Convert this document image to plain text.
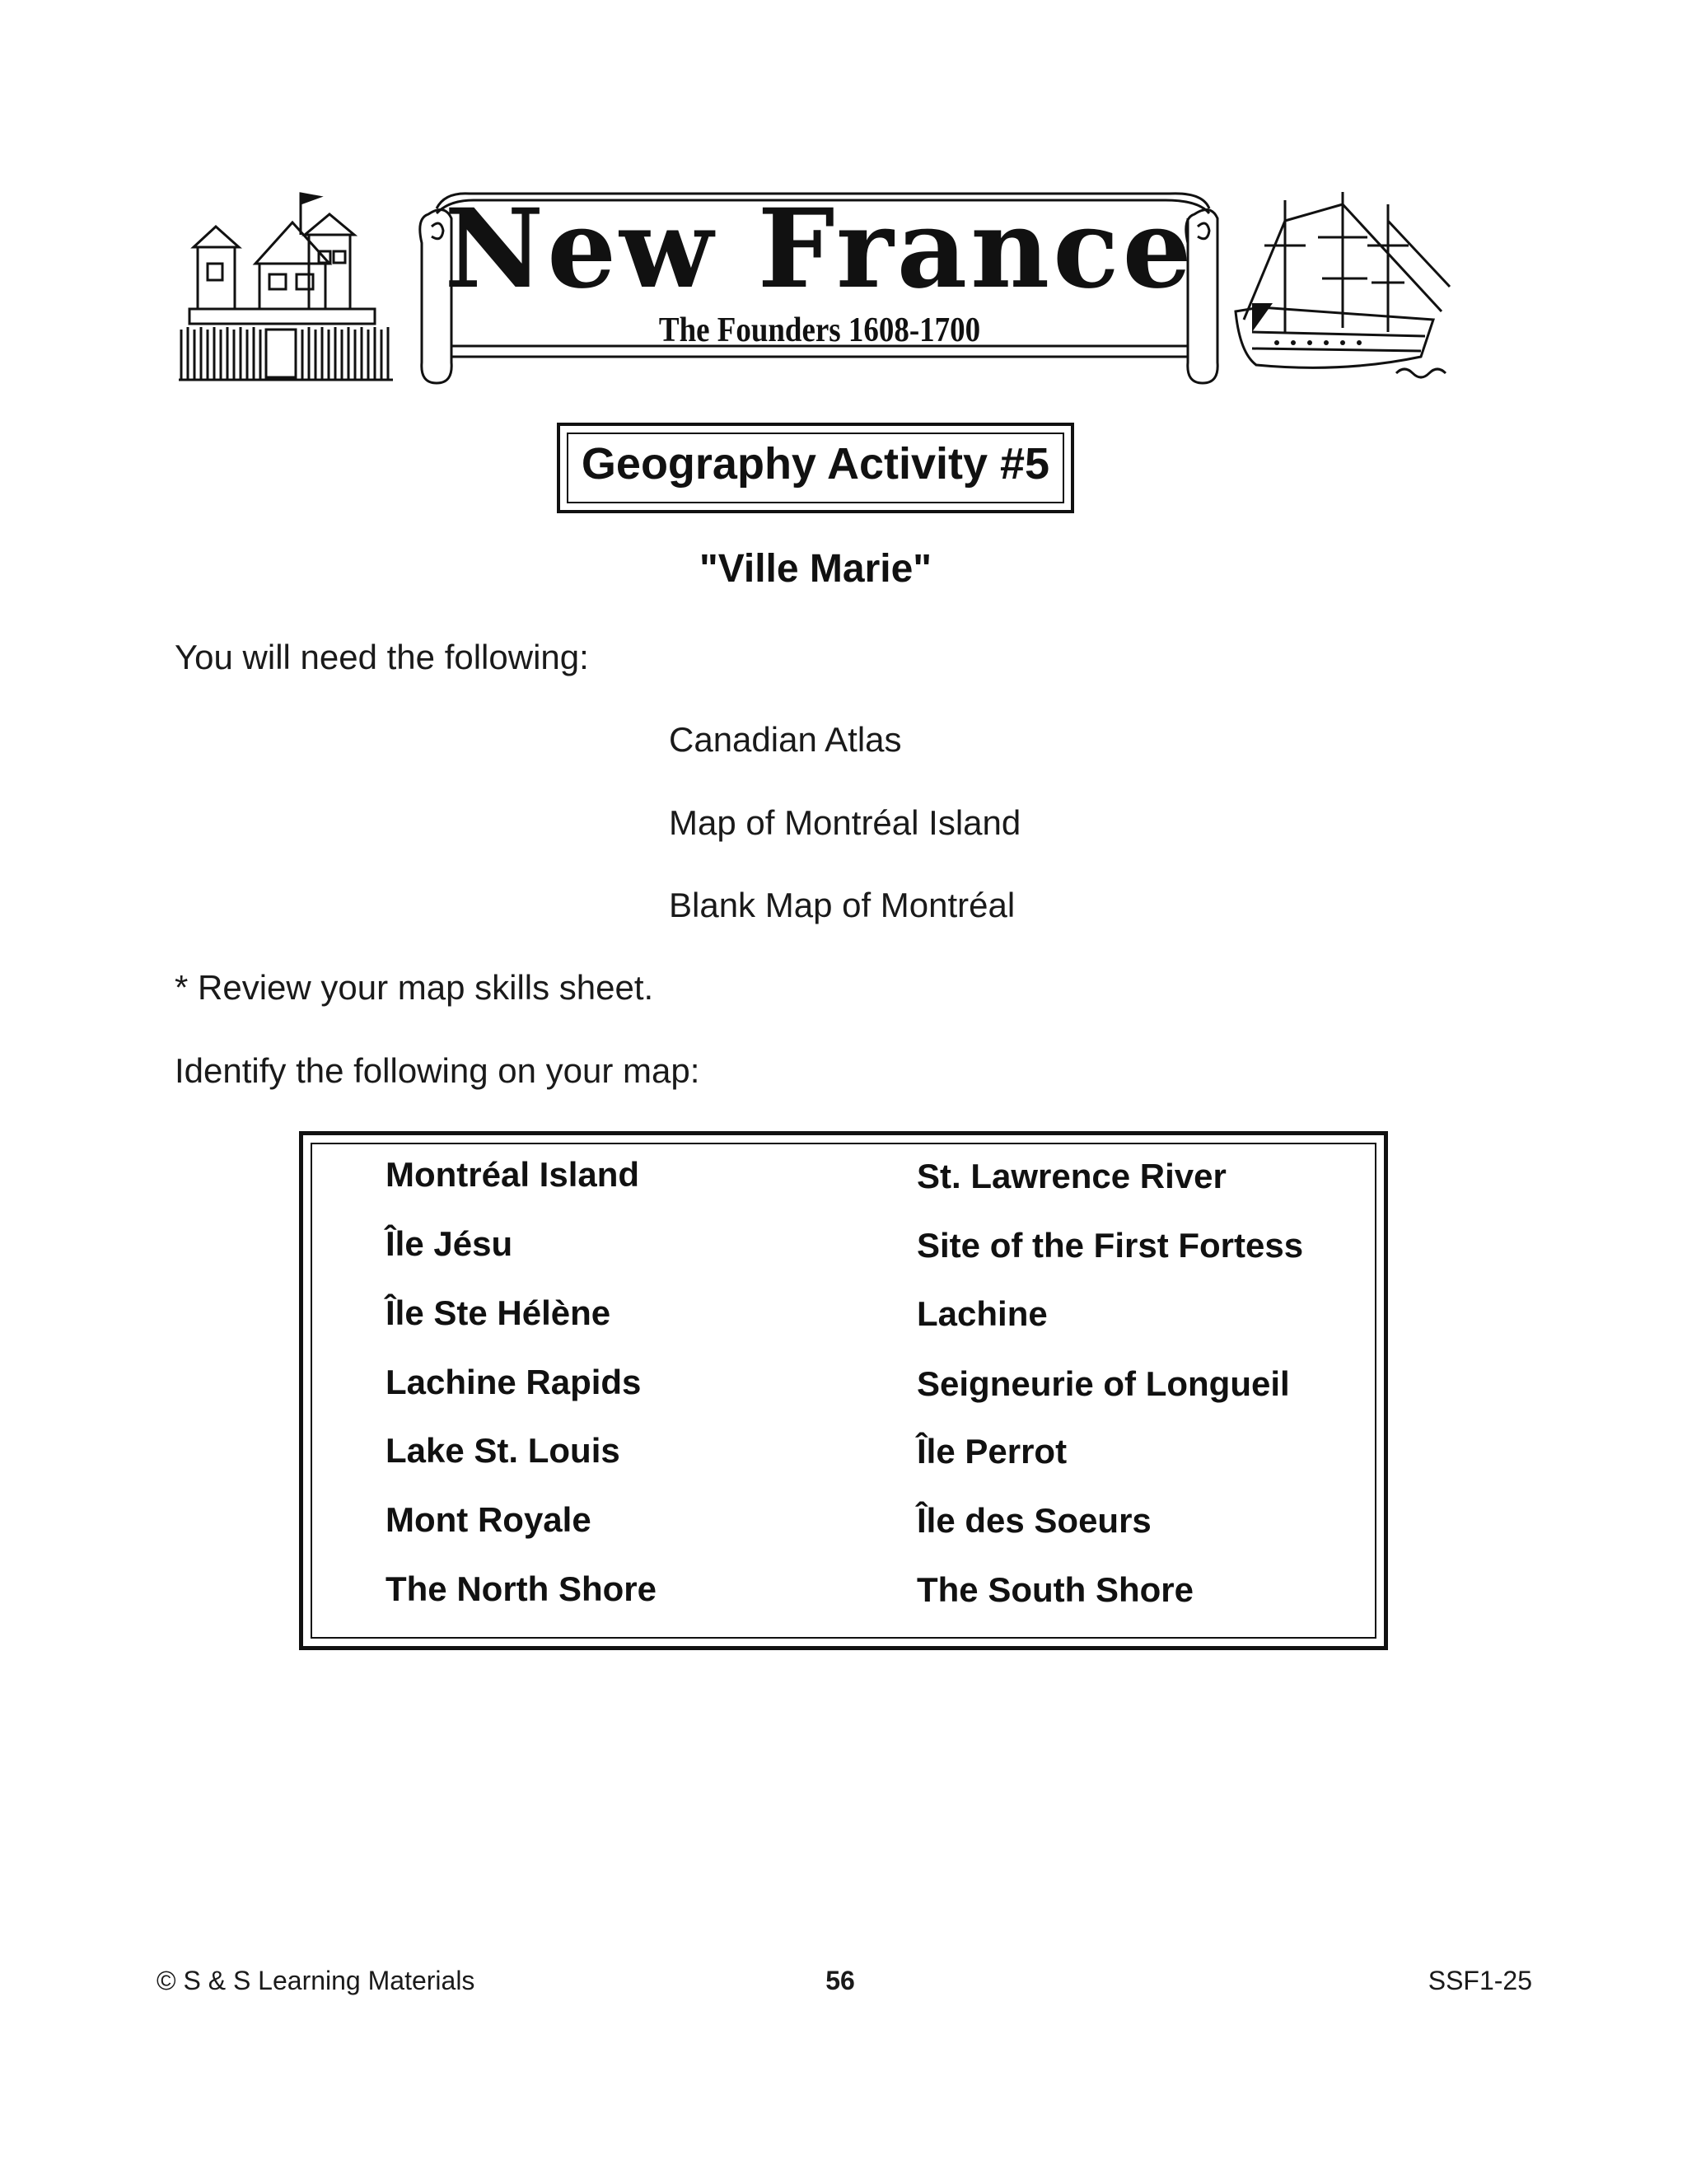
New France
The Founders 1608-1700
Geography Activity #5
"Ville Marie"
You will need the following:
Canadian Atlas
Map of Montréal Island
Blank Map of Montréal
* Review your map skills sheet.
Identify the following on your map:
Montréal Island
Île Jésu
Île Ste Hélène
Lachine Rapids
Lake St. Louis
Mont Royale
The North Shore
St. Lawrence River
Site of the First Fortess
Lachine
Seigneurie of Longueil
Île Perrot
Île des Soeurs
The South Shore
© S & S Learning Materials	56	SSF1-25
